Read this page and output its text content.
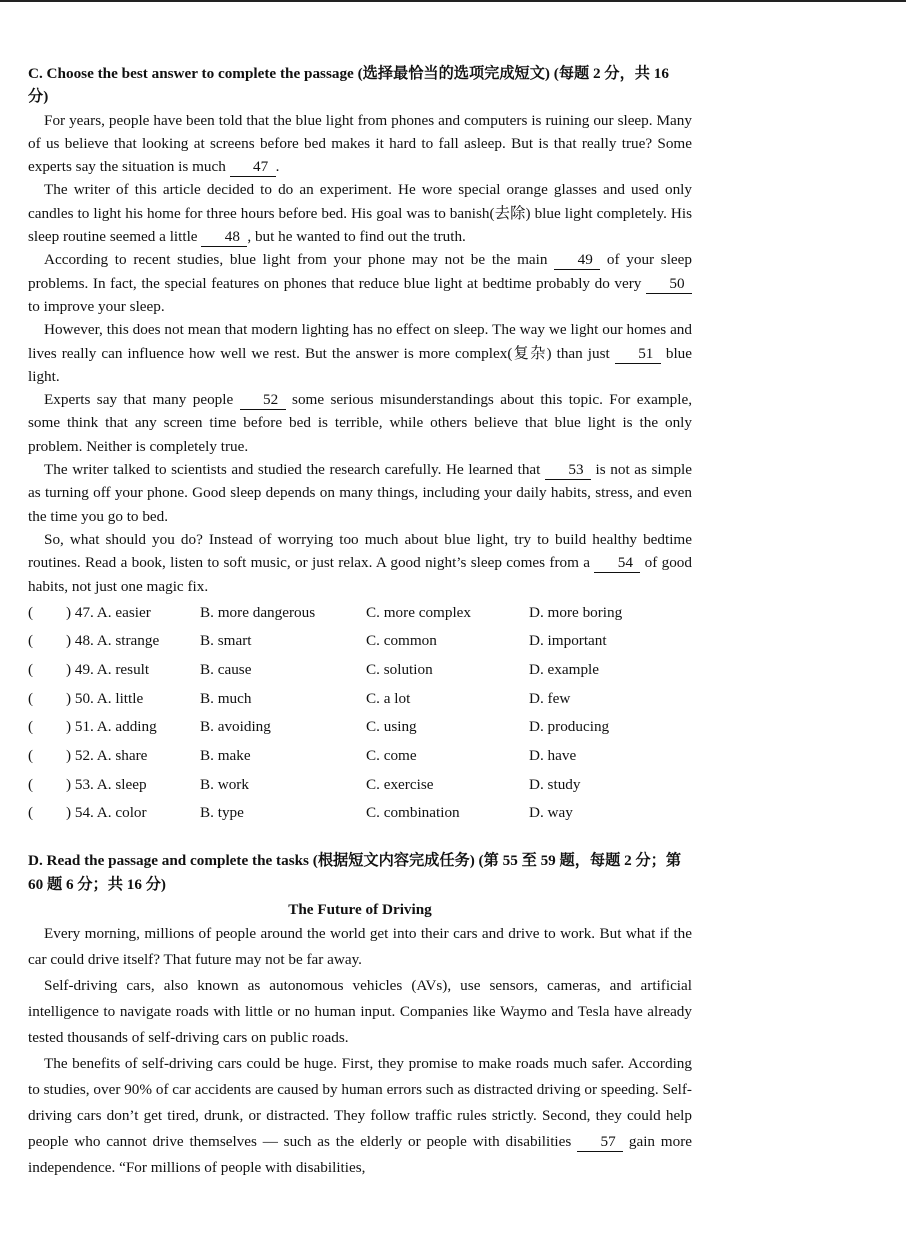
C. Choose the best answer to complete the passage (选择最恰当的选项完成短文) (每题 2 分，共 16 分)

For years, people have been told that the blue light from phones and computers is ruining our sleep. Many of us believe that looking at screens before bed makes it hard to fall asleep. But is that really true? Some experts say the situation is much 47 .

The writer of this article decided to do an experiment. He wore special orange glasses and used only candles to light his home for three hours before bed. His goal was to banish(去除) blue light completely. His sleep routine seemed a little 48 , but he wanted to find out the truth.

According to recent studies, blue light from your phone may not be the main 49 of your sleep problems. In fact, the special features on phones that reduce blue light at bedtime probably do very 50 to improve your sleep.

However, this does not mean that modern lighting has no effect on sleep. The way we light our homes and lives really can influence how well we rest. But the answer is more complex(复杂) than just 51 blue light.

Experts say that many people 52 some serious misunderstandings about this topic. For example, some think that any screen time before bed is terrible, while others believe that blue light is the only problem. Neither is completely true.

The writer talked to scientists and studied the research carefully. He learned that 53 is not as simple as turning off your phone. Good sleep depends on many things, including your daily habits, stress, and even the time you go to bed.

So, what should you do? Instead of worrying too much about blue light, try to build healthy bedtime routines. Read a book, listen to soft music, or just relax. A good night’s sleep comes from a 54 of good habits, not just one magic fix.

(	) 47. A. easier	B. more dangerous	C. more complex	D. more boring
(	) 48. A. strange	B. smart	C. common	D. important
(	) 49. A. result	B. cause	C. solution	D. example
(	) 50. A. little	B. much	C. a lot	D. few
(	) 51. A. adding	B. avoiding	C. using	D. producing
(	) 52. A. share	B. make	C. come	D. have
(	) 53. A. sleep	B. work	C. exercise	D. study
(	) 54. A. color	B. type	C. combination	D. way

D. Read the passage and complete the tasks (根据短文内容完成任务) (第 55 至 59 题，每题 2 分；第 60 题 6 分；共 16 分)

The Future of Driving

Every morning, millions of people around the world get into their cars and drive to work. But what if the car could drive itself? That future may not be far away.

Self-driving cars, also known as autonomous vehicles (AVs), use sensors, cameras, and artificial intelligence to navigate roads with little or no human input. Companies like Waymo and Tesla have already tested thousands of self-driving cars on public roads.

The benefits of self-driving cars could be huge. First, they promise to make roads much safer. According to studies, over 90% of car accidents are caused by human errors such as distracted driving or speeding. Self-driving cars don’t get tired, drunk, or distracted. They follow traffic rules strictly. Second, they could help people who cannot drive themselves — such as the elderly or people with disabilities 57 gain more independence. “For millions of people with disabilities,
